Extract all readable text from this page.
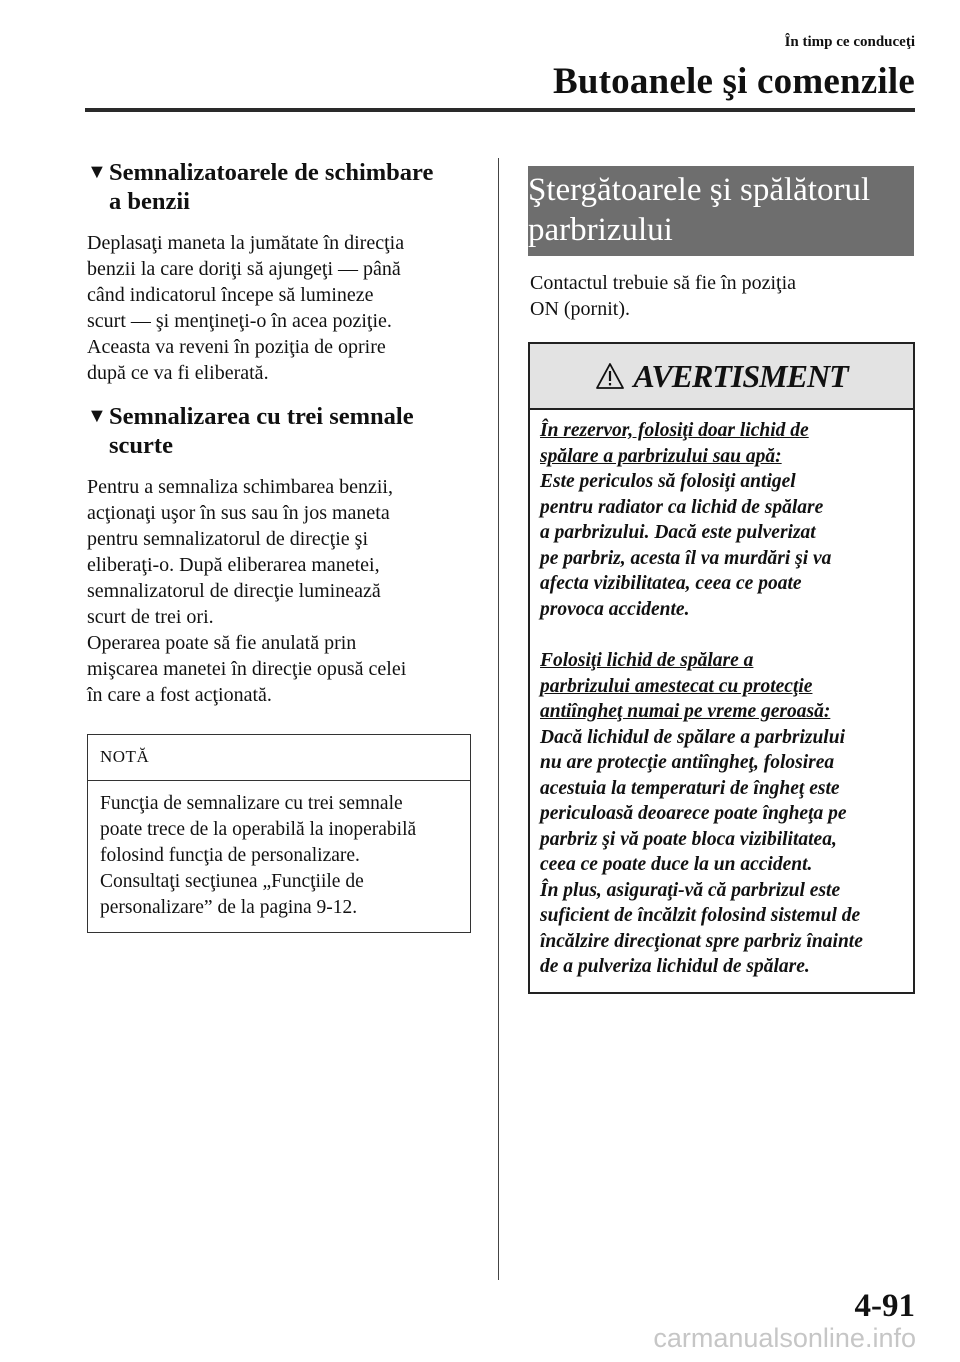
În timp ce conduceţi
Butoanele şi comenzile
▼ Semnalizatoarele de schimbare
a benzii

Deplasaţi maneta la jumătate în direcţia
benzii la care doriţi să ajungeţi — până
când indicatorul începe să lumineze
scurt — şi menţineţi-o în acea poziţie.
Aceasta va reveni în poziţia de oprire
după ce va fi eliberată.

▼ Semnalizarea cu trei semnale
scurte

Pentru a semnaliza schimbarea benzii,
acţionaţi uşor în sus sau în jos maneta
pentru semnalizatorul de direcţie şi
eliberaţi-o. După eliberarea manetei,
semnalizatorul de direcţie luminează
scurt de trei ori.
Operarea poate să fie anulată prin
mişcarea manetei în direcţie opusă celei
în care a fost acţionată.

NOTĂ
Funcţia de semnalizare cu trei semnale
poate trece de la operabilă la inoperabilă
folosind funcţia de personalizare.
Consultaţi secţiunea „Funcţiile de
personalizare” de la pagina 9-12.
Ştergătoarele şi spălătorul
parbrizului

Contactul trebuie să fie în poziţia
ON (pornit).

AVERTISMENT
În rezervor, folosiţi doar lichid de
spălare a parbrizului sau apă:
Este periculos să folosiţi antigel
pentru radiator ca lichid de spălare
a parbrizului. Dacă este pulverizat
pe parbriz, acesta îl va murdări şi va
afecta vizibilitatea, ceea ce poate
provoca accidente.
Folosiţi lichid de spălare a
parbrizului amestecat cu protecţie
antiîngheţ numai pe vreme geroasă:
Dacă lichidul de spălare a parbrizului
nu are protecţie antiîngheţ, folosirea
acestuia la temperaturi de îngheţ este
periculoasă deoarece poate îngheţa pe
parbriz şi vă poate bloca vizibilitatea,
ceea ce poate duce la un accident.
În plus, asiguraţi-vă că parbrizul este
suficient de încălzit folosind sistemul de
încălzire direcţionat spre parbriz înainte
de a pulveriza lichidul de spălare.
4-91
carmanualsonline.info
